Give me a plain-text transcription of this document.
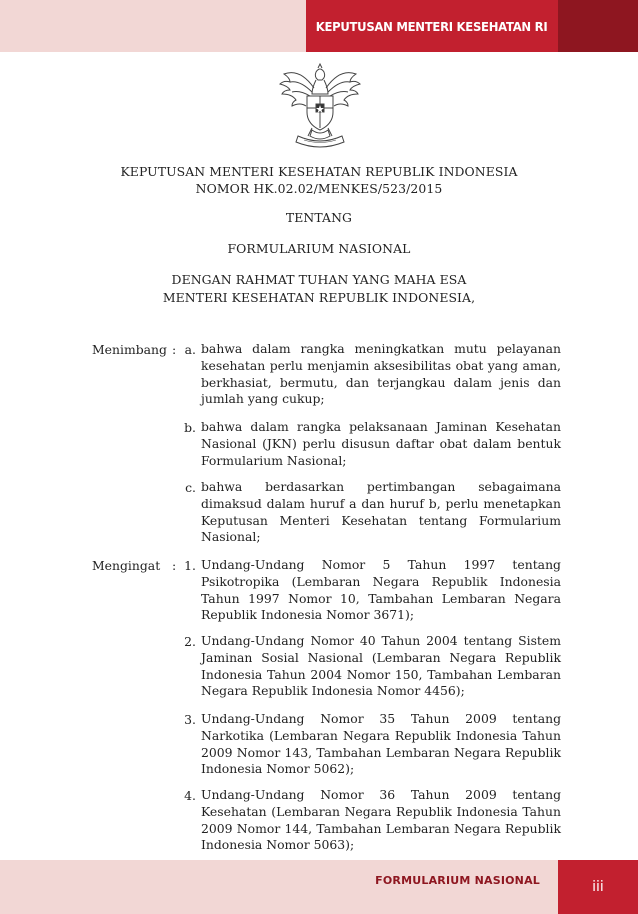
KEPUTUSAN MENTERI KESEHATAN RI
KEPUTUSAN MENTERI KESEHATAN REPUBLIK INDONESIA
NOMOR HK.02.02/MENKES/523/2015
TENTANG
FORMULARIUM NASIONAL
DENGAN RAHMAT TUHAN YANG MAHA ESA
MENTERI KESEHATAN REPUBLIK INDONESIA,
Menimbang : a. bahwa dalam rangka meningkatkan mutu pelayanan kesehatan perlu menjamin aksesibilitas obat yang aman, berkhasiat, bermutu, dan terjangkau dalam jenis dan jumlah yang cukup;
b. bahwa dalam rangka pelaksanaan Jaminan Kesehatan Nasional (JKN) perlu disusun daftar obat dalam bentuk Formularium Nasional;
c. bahwa berdasarkan pertimbangan sebagaimana dimaksud dalam huruf a dan huruf b, perlu menetapkan Keputusan Menteri Kesehatan tentang Formularium Nasional;
Mengingat : 1. Undang-Undang Nomor 5 Tahun 1997 tentang Psikotropika (Lembaran Negara Republik Indonesia Tahun 1997 Nomor 10, Tambahan Lembaran Negara Republik Indonesia Nomor 3671);
2. Undang-Undang Nomor 40 Tahun 2004 tentang Sistem Jaminan Sosial Nasional (Lembaran Negara Republik Indonesia Tahun 2004 Nomor 150, Tambahan Lembaran Negara Republik Indonesia Nomor 4456);
3. Undang-Undang Nomor 35 Tahun 2009 tentang Narkotika (Lembaran Negara Republik Indonesia Tahun 2009 Nomor 143, Tambahan Lembaran Negara Republik Indonesia Nomor 5062);
4. Undang-Undang Nomor 36 Tahun 2009 tentang Kesehatan (Lembaran Negara Republik Indonesia Tahun 2009 Nomor 144, Tambahan Lembaran Negara Republik Indonesia Nomor 5063);
FORMULARIUM NASIONAL	iii
